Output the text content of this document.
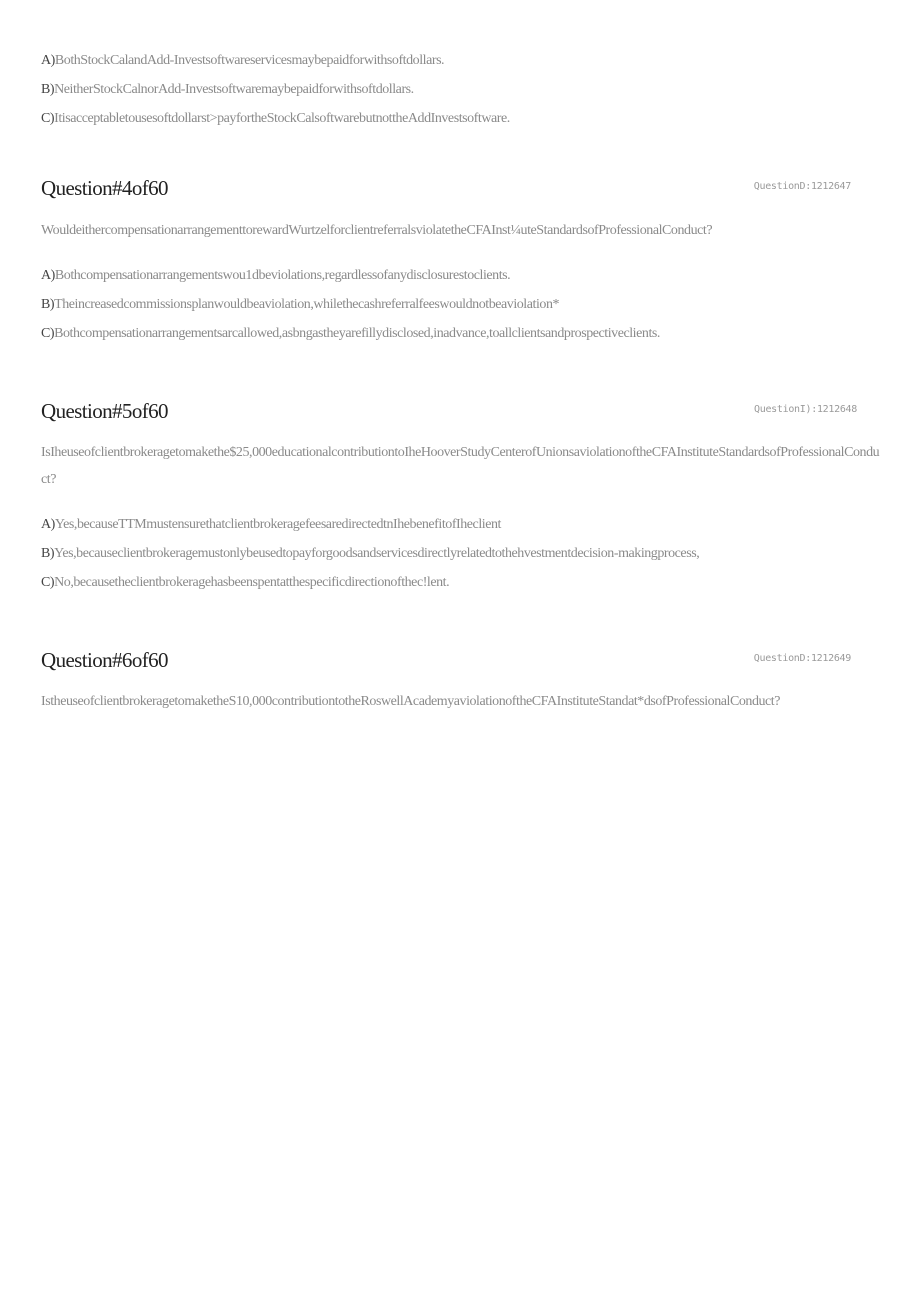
A)BothStockCalandAdd-Investsoftwareservicesmaybepaidforwithsoftdollars.
B)NeitherStockCalnorAdd-Investsoftwaremaybepaidforwithsoftdollars.
C)Itisacceptabletousesoftdollarst>payfortheStockCalsoftwarebutnottheAddInvestsoftware.
Question#4of60	QuestionD:1212647
WouldeithercompensationarrangementtorewardWurtzelforclientreferralsviolatetheCFAInst¼uteStandardsofProfessionalConduct?
A)Bothcompensationarrangementswou1dbeviolations,regardlessofanydisclosurestoclients.
B)Theincreasedcommissionsplanwouldbeaviolation,whilethecashreferralfeeswouldnotbeaviolation*
C)Bothcompensationarrangementsarcallowed,asbngastheyarefillydisclosed,inadvance,toallclientsandprospectiveclients.
Question#5of60	QuestionI):1212648
IsIheuseofclientbrokeragetomakethe$25,000educationalcontributiontoIheHooverStudyCenterofUnionsaviolationoftheCFAInstituteStandardsofProfessionalConduct?
A)Yes,becauseTTMmustensurethatclientbrokeragefeesaredirectedtnIhebenefitofIheclient
B)Yes,becauseclientbrokeragemustonlybeusedtopayforgoodsandservicesdirectlyrelatedtothehvestmentdecision-makingprocess,
C)No,becausetheclientbrokeragehasbeenspentatthespecificdirectionofthec!lent.
Question#6of60	QuestionD:1212649
IstheuseofclientbrokeragetomaketheS10,000contributiontotheRoswellAcademyaviolationoftheCFAInstituteStandat*dsofProfessionalConduct?
